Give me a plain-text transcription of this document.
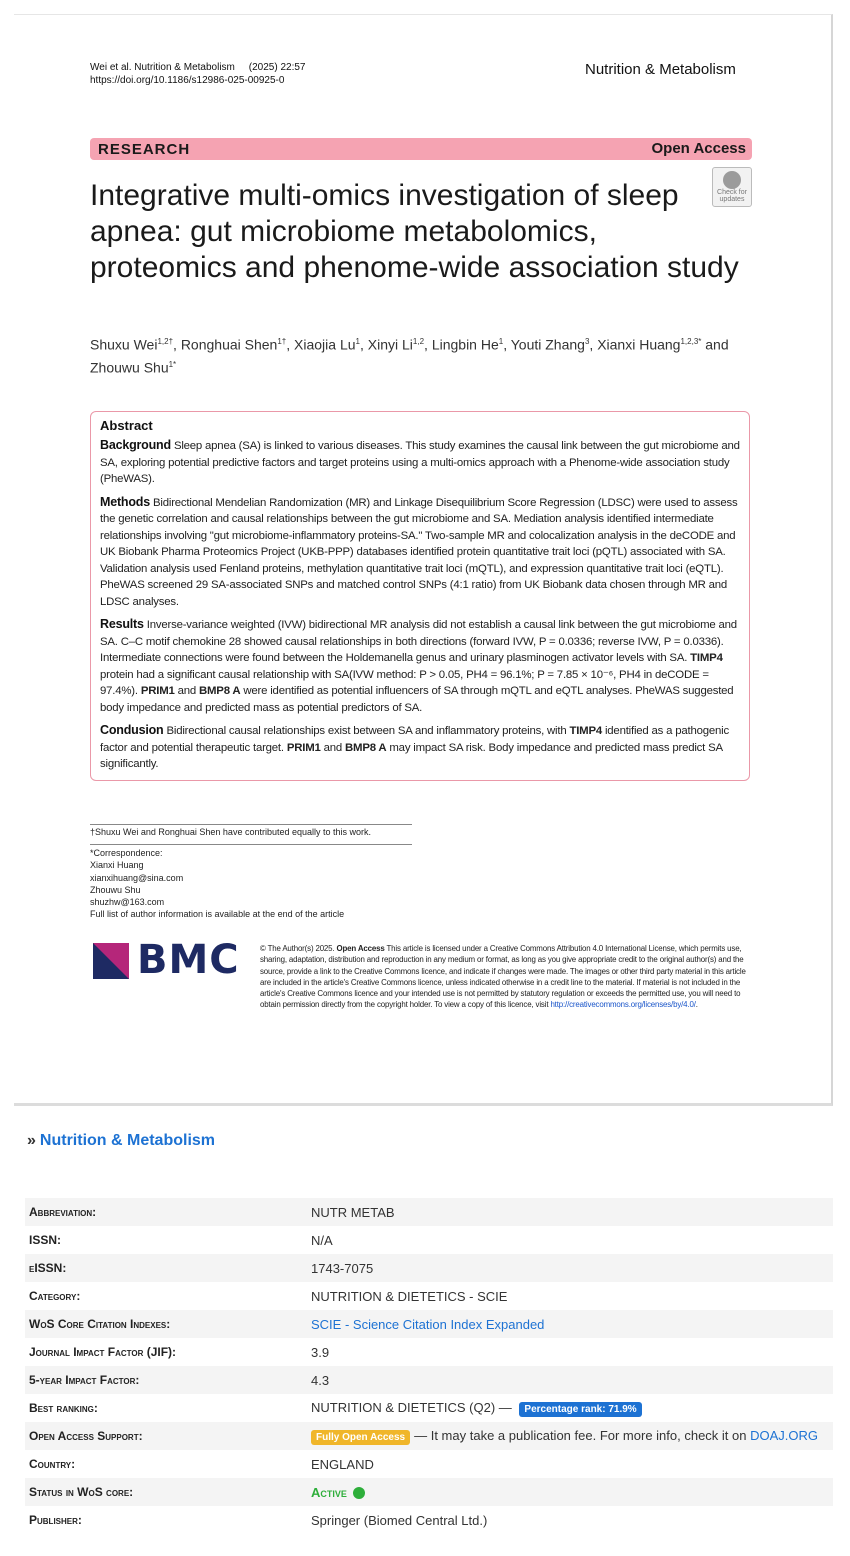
Wei et al. Nutrition & Metabolism (2025) 22:57
https://doi.org/10.1186/s12986-025-00925-0
Nutrition & Metabolism
RESEARCH	Open Access
Check for
updates
Integrative multi-omics investigation of sleep apnea: gut microbiome metabolomics, proteomics and phenome-wide association study
Shuxu Wei$^{1,2\dagger}$, Ronghuai Shen$^{1\dagger}$, Xiaojia Lu$^1$, Xinyi Li$^{1,2}$, Lingbin He$^1$, Youti Zhang$^3$, Xianxi Huang$^{1,2,3*}$ and
Zhouwu Shu$^{1*}$
Abstract

Background Sleep apnea (SA) is linked to various diseases. This study examines the causal link between the gut microbiome and SA, exploring potential predictive factors and target proteins using a multi-omics approach with a Phenome-wide association study (PheWAS).

Methods Bidirectional Mendelian Randomization (MR) and Linkage Disequilibrium Score Regression (LDSC) were used to assess the genetic correlation and causal relationships between the gut microbiome and SA. Mediation analysis identified intermediate relationships involving "gut microbiome-inflammatory proteins-SA." Two-sample MR and colocalization analysis in the deCODE and UK Biobank Pharma Proteomics Project (UKB-PPP) databases identified protein quantitative trait loci (pQTL) associated with SA. Validation analysis used Fenland proteins, methylation quantitative trait loci (mQTL), and expression quantitative trait loci (eQTL). PheWAS screened 29 SA-associated SNPs and matched control SNPs (4:1 ratio) from UK Biobank data chosen through MR and LDSC analyses.

Results Inverse-variance weighted (IVW) bidirectional MR analysis did not establish a causal link between the gut microbiome and SA. C–C motif chemokine 28 showed causal relationships in both directions (forward IVW, P = 0.0336; reverse IVW, P = 0.0336). Intermediate connections were found between the Holdemanella genus and urinary plasminogen activator levels with SA. TIMP4 protein had a significant causal relationship with SA(IVW method: P > 0.05, PH4 = 96.1%; P = 7.85 × 10⁻⁶, PH4 in deCODE = 97.4%). PRIM1 and BMP8 A were identified as potential influencers of SA through mQTL and eQTL analyses. PheWAS suggested body impedance and predicted mass as potential predictors of SA.

Condusion Bidirectional causal relationships exist between SA and inflammatory proteins, with TIMP4 identified as a pathogenic factor and potential therapeutic target. PRIM1 and BMP8 A may impact SA risk. Body impedance and predicted mass predict SA significantly.

†Shuxu Wei and Ronghuai Shen have contributed equally to this work.
*Correspondence:
Xianxi Huang
xianxihuang@sina.com
Zhouwu Shu
shuzhw@163.com
Full list of author information is available at the end of the article
BMC	© The Author(s) 2025. Open Access This article is licensed under a Creative Commons Attribution 4.0 International License, which permits use, sharing, adaptation, distribution and reproduction in any medium or format, as long as you give appropriate credit to the original author(s) and the source, provide a link to the Creative Commons licence, and indicate if changes were made. The images or other third party material in this article are included in the article's Creative Commons licence, unless indicated otherwise in a credit line to the material. If material is not included in the article's Creative Commons licence and your intended use is not permitted by statutory regulation or exceeds the permitted use, you will need to obtain permission directly from the copyright holder. To view a copy of this licence, visit http://creativecommons.org/licenses/by/4.0/.
» Nutrition & Metabolism
Abbreviation:	NUTR METAB
ISSN:	N/A
eISSN:	1743-7075
Category:	NUTRITION & DIETETICS - SCIE
WoS Core Citation Indexes:	SCIE - Science Citation Index Expanded
Journal Impact Factor (JIF):	3.9
5-year Impact Factor:	4.3
Best ranking:	NUTRITION & DIETETICS (Q2) — Percentage rank: 71.9%
Open Access Support:	Fully Open Access — It may take a publication fee. For more info, check it on DOAJ.ORG
Country:	ENGLAND
Status in WoS core:	Active
Publisher:	Springer (Biomed Central Ltd.)
